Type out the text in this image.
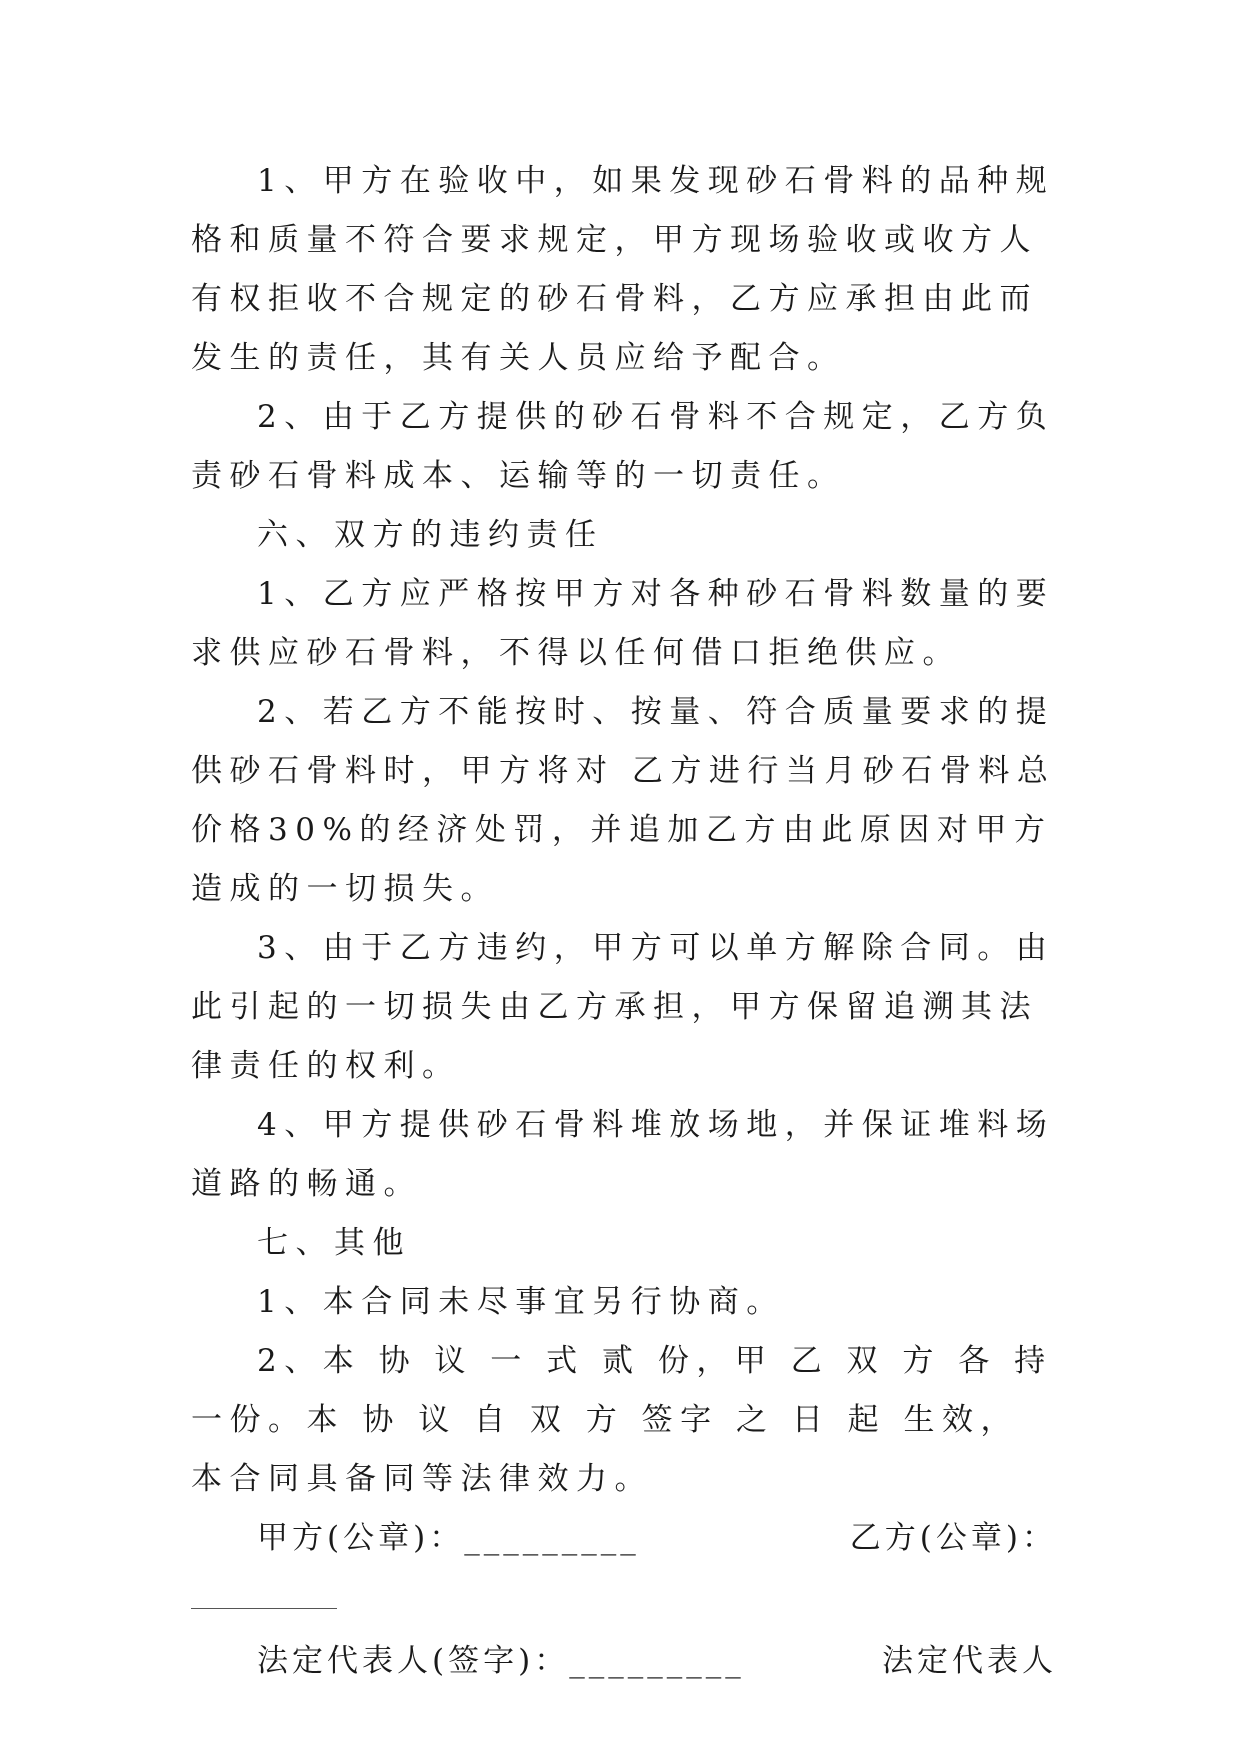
1、甲方在验收中，如果发现砂石骨料的品种规格和质量不符合要求规定，甲方现场验收或收方人有权拒收不合规定的砂石骨料，乙方应承担由此而发生的责任，其有关人员应给予配合。

2、由于乙方提供的砂石骨料不合规定，乙方负责砂石骨料成本、运输等的一切责任。

六、双方的违约责任

1、乙方应严格按甲方对各种砂石骨料数量的要求供应砂石骨料，不得以任何借口拒绝供应。

2、若乙方不能按时、按量、符合质量要求的提供砂石骨料时，甲方将对 乙方进行当月砂石骨料总价格30%的经济处罚，并追加乙方由此原因对甲方造成的一切损失。

3、由于乙方违约，甲方可以单方解除合同。由此引起的一切损失由乙方承担，甲方保留追溯其法律责任的权利。

4、甲方提供砂石骨料堆放场地，并保证堆料场道路的畅通。

七、其他

1、本合同未尽事宜另行协商。

2、本 协 议 一 式 贰 份，甲 乙 双 方 各 持 一份。本 协 议 自 双 方 签字 之 日 起 生效，本合同具备同等法律效力。

甲方(公章)：_________	乙方(公章)：
法定代表人(签字)：_________	法定代表人
